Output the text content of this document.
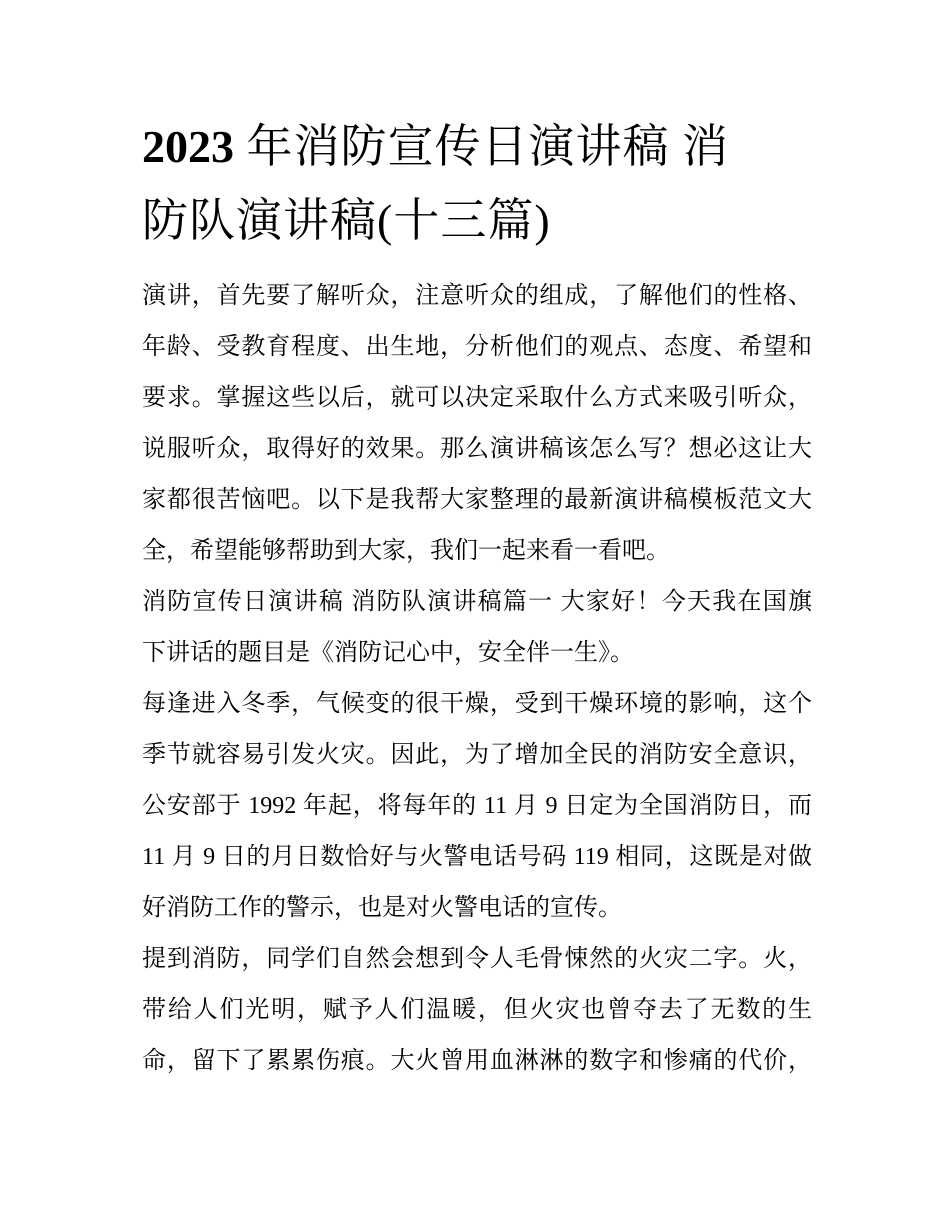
2023 年消防宣传日演讲稿 消
防队演讲稿(十三篇)
演讲，首先要了解听众，注意听众的组成，了解他们的性格、
年龄、受教育程度、出生地，分析他们的观点、态度、希望和
要求。掌握这些以后，就可以决定采取什么方式来吸引听众，
说服听众，取得好的效果。那么演讲稿该怎么写？想必这让大
家都很苦恼吧。以下是我帮大家整理的最新演讲稿模板范文大
全，希望能够帮助到大家，我们一起来看一看吧。
消防宣传日演讲稿 消防队演讲稿篇一 大家好！今天我在国旗
下讲话的题目是《消防记心中，安全伴一生》。
每逢进入冬季，气候变的很干燥，受到干燥环境的影响，这个
季节就容易引发火灾。因此，为了增加全民的消防安全意识，
公安部于 1992 年起，将每年的 11 月 9 日定为全国消防日，而
11 月 9 日的月日数恰好与火警电话号码 119 相同，这既是对做
好消防工作的警示，也是对火警电话的宣传。
提到消防，同学们自然会想到令人毛骨悚然的火灾二字。火，
带给人们光明，赋予人们温暖，但火灾也曾夺去了无数的生
命，留下了累累伤痕。大火曾用血淋淋的数字和惨痛的代价，
